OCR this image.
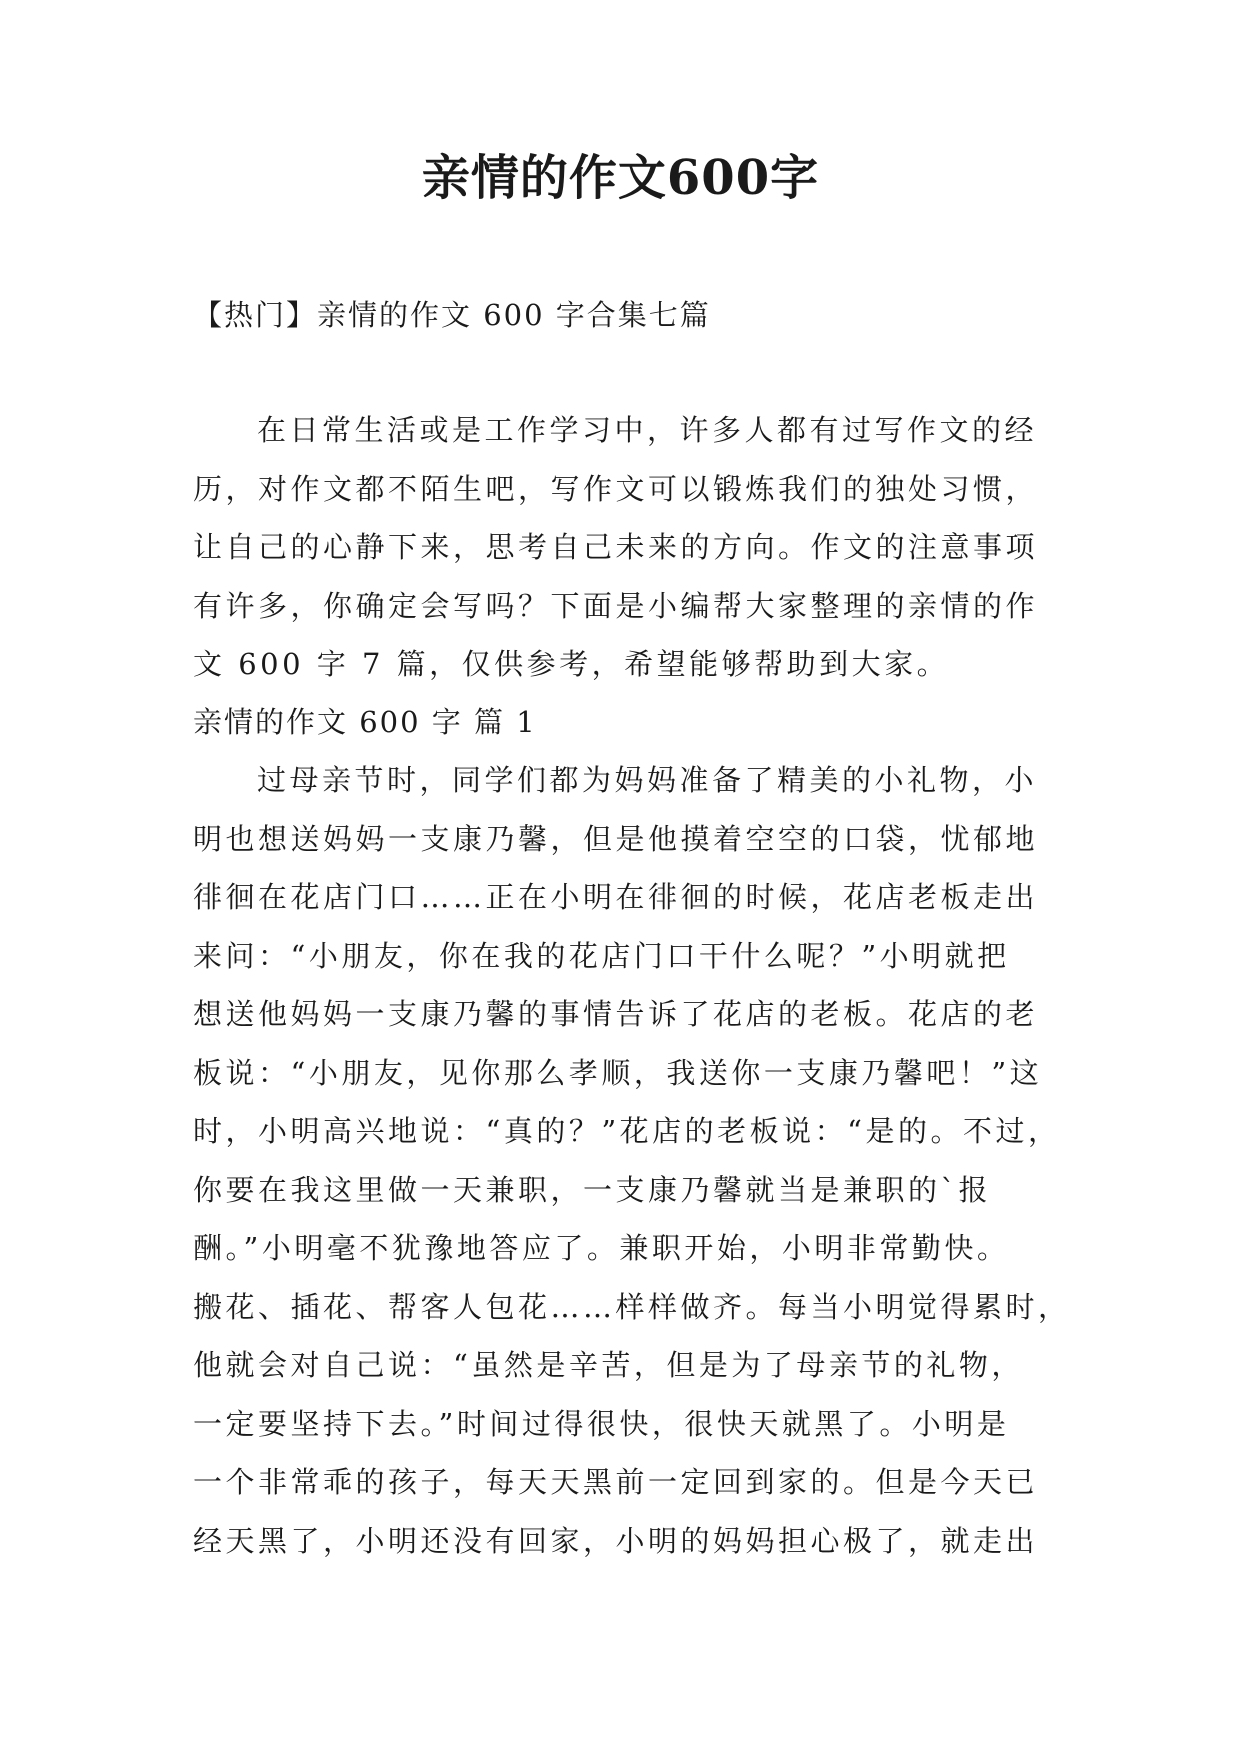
亲情的作文600字

【热门】亲情的作文 600 字合集七篇

在日常生活或是工作学习中，许多人都有过写作文的经
历，对作文都不陌生吧，写作文可以锻炼我们的独处习惯，
让自己的心静下来，思考自己未来的方向。作文的注意事项
有许多，你确定会写吗？下面是小编帮大家整理的亲情的作
文 600 字 7 篇，仅供参考，希望能够帮助到大家。

亲情的作文 600 字 篇 1

过母亲节时，同学们都为妈妈准备了精美的小礼物，小
明也想送妈妈一支康乃馨，但是他摸着空空的口袋，忧郁地
徘徊在花店门口……正在小明在徘徊的时候，花店老板走出
来问：“小朋友，你在我的花店门口干什么呢？”小明就把
想送他妈妈一支康乃馨的事情告诉了花店的老板。花店的老
板说：“小朋友，见你那么孝顺，我送你一支康乃馨吧！”这
时，小明高兴地说：“真的？”花店的老板说：“是的。不过，
你要在我这里做一天兼职，一支康乃馨就当是兼职的`报
酬。”小明毫不犹豫地答应了。兼职开始，小明非常勤快。
搬花、插花、帮客人包花……样样做齐。每当小明觉得累时，
他就会对自己说：“虽然是辛苦，但是为了母亲节的礼物，
一定要坚持下去。”时间过得很快，很快天就黑了。小明是
一个非常乖的孩子，每天天黑前一定回到家的。但是今天已
经天黑了，小明还没有回家，小明的妈妈担心极了，就走出
